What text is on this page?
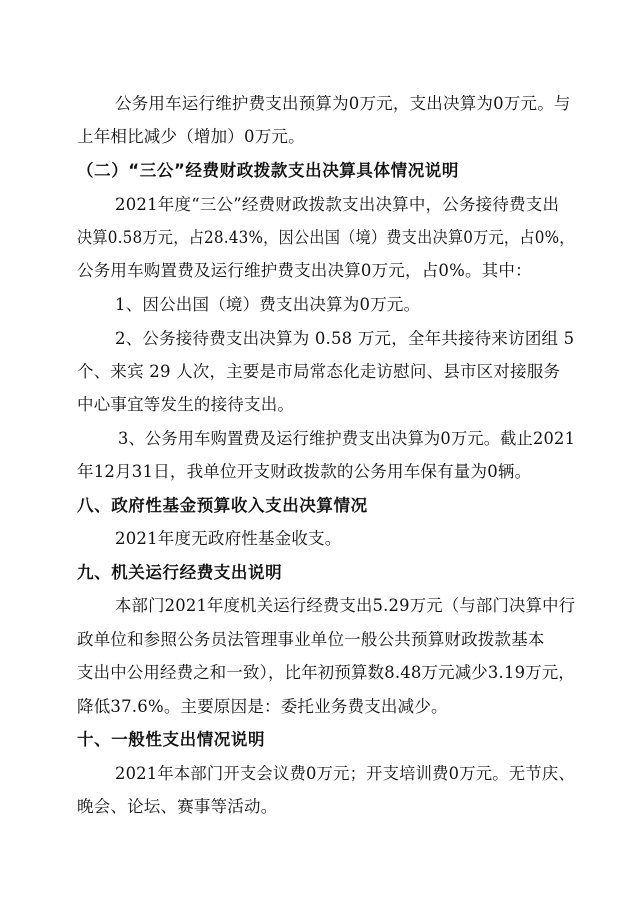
公务用车运行维护费支出预算为0万元，支出决算为0万元。与
上年相比减少（增加）0万元。
（二）“三公”经费财政拨款支出决算具体情况说明
2021年度“三公”经费财政拨款支出决算中，公务接待费支出
决算0.58万元，占28.43%，因公出国（境）费支出决算0万元，占0%，
公务用车购置费及运行维护费支出决算0万元，占0%。其中：
1、因公出国（境）费支出决算为0万元。
2、公务接待费支出决算为 0.58 万元，全年共接待来访团组 5
个、来宾 29 人次，主要是市局常态化走访慰问、县市区对接服务
中心事宜等发生的接待支出。
3、公务用车购置费及运行维护费支出决算为0万元。截止2021
年12月31日，我单位开支财政拨款的公务用车保有量为0辆。
八、政府性基金预算收入支出决算情况
2021年度无政府性基金收支。
九、机关运行经费支出说明
本部门2021年度机关运行经费支出5.29万元（与部门决算中行
政单位和参照公务员法管理事业单位一般公共预算财政拨款基本
支出中公用经费之和一致），比年初预算数8.48万元减少3.19万元，
降低37.6%。主要原因是：委托业务费支出减少。
十、一般性支出情况说明
2021年本部门开支会议费0万元；开支培训费0万元。无节庆、
晚会、论坛、赛事等活动。
